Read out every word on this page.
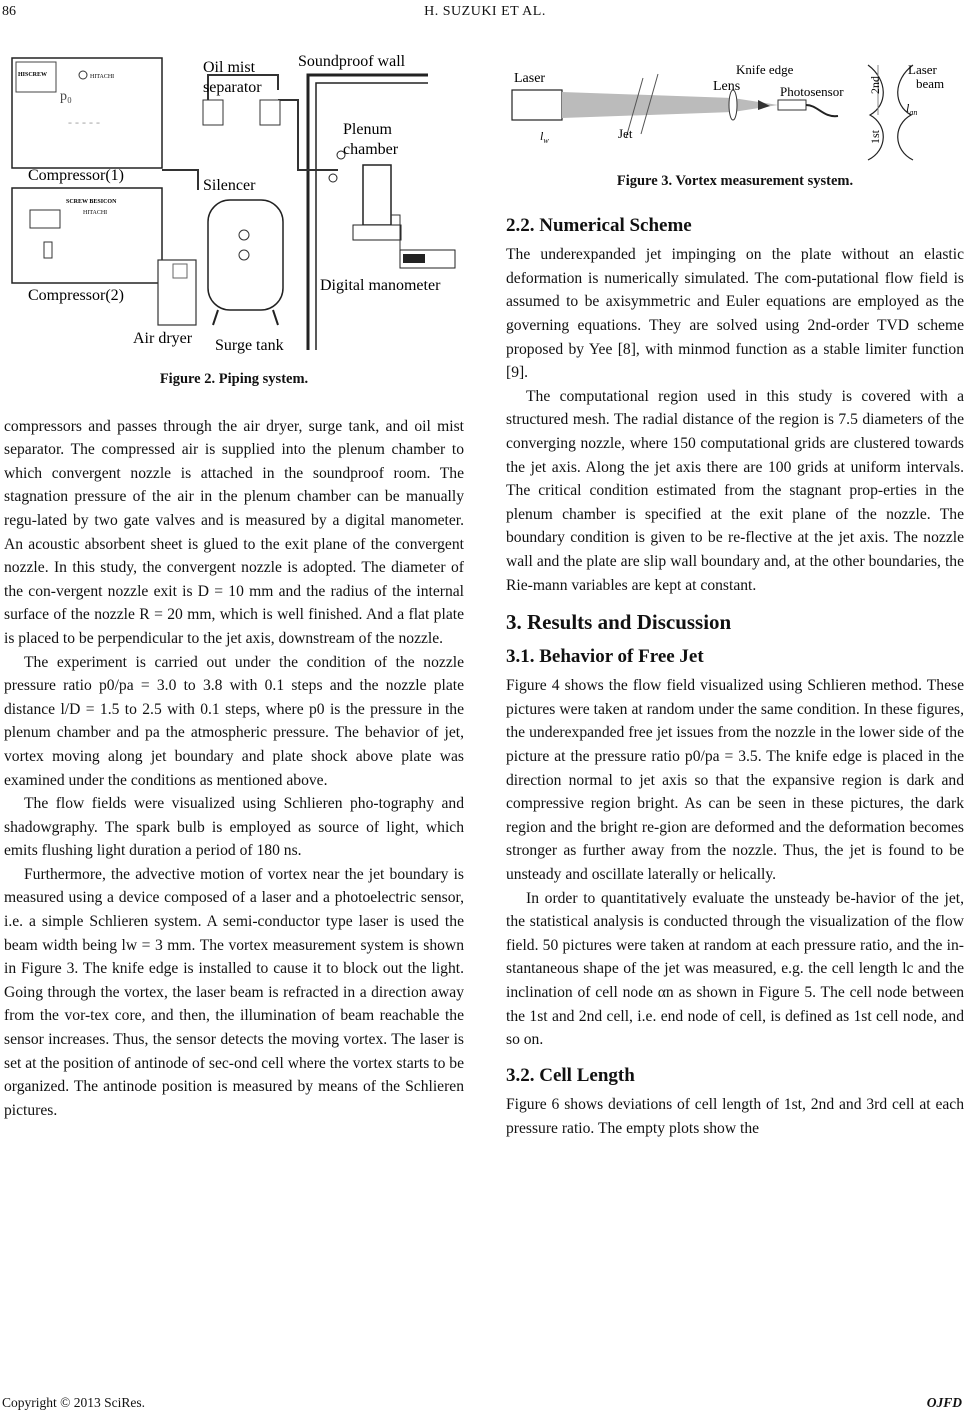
86	H. SUZUKI ET AL.
HISCREW	HITACHI
p₀
- - - - -
SCREW BESICON
HITACHI
Compressor(1)
Compressor(2)
Oil mist
separator
Soundproof wall
Silencer
Surge tank
Air dryer
Plenum
chamber
Digital manometer
Laser
Lens
Knife edge
Photosensor
Jet
$l_w$
2nd
1st
Laser
beam
$l_{an}$

Figure 2. Piping system.

compressors and passes through the air dryer, surge tank, and oil mist separator. The compressed air is supplied into the plenum chamber to which convergent nozzle is attached in the soundproof room. The stagnation pressure of the air in the plenum chamber can be manually regu-lated by two gate valves and is measured by a digital manometer. An acoustic absorbent sheet is glued to the exit plane of the convergent nozzle. In this study, the convergent nozzle is adopted. The diameter of the con-vergent nozzle exit is D = 10 mm and the radius of the internal surface of the nozzle R = 20 mm, which is well finished. And a flat plate is placed to be perpendicular to the jet axis, downstream of the nozzle.

The experiment is carried out under the condition of the nozzle pressure ratio p0/pa = 3.0 to 3.8 with 0.1 steps and the nozzle plate distance l/D = 1.5 to 2.5 with 0.1 steps, where p0 is the pressure in the plenum chamber and pa the atmospheric pressure. The behavior of jet, vortex moving along jet boundary and plate shock above plate was examined under the conditions as mentioned above.

The flow fields were visualized using Schlieren pho-tography and shadowgraphy. The spark bulb is employed as source of light, which emits flushing light duration a period of 180 ns.

Furthermore, the advective motion of vortex near the jet boundary is measured using a device composed of a laser and a photoelectric sensor, i.e. a simple Schlieren system. A semi-conductor type laser is used the beam width being lw = 3 mm. The vortex measurement system is shown in Figure 3. The knife edge is installed to cause it to block out the light. Going through the vortex, the laser beam is refracted in a direction away from the vor-tex core, and then, the illumination of beam reachable the sensor increases. Thus, the sensor detects the moving vortex. The laser is set at the position of antinode of sec-ond cell where the vortex starts to be organized. The antinode position is measured by means of the Schlieren pictures.

Figure 3. Vortex measurement system.

2.2. Numerical Scheme

The underexpanded jet impinging on the plate without an elastic deformation is numerically simulated. The com-putational flow field is assumed to be axisymmetric and Euler equations are employed as the governing equations. They are solved using 2nd-order TVD scheme proposed by Yee [8], with minmod function as a stable limiter function [9].

The computational region used in this study is covered with a structured mesh. The radial distance of the region is 7.5 diameters of the converging nozzle, where 150 computational grids are clustered towards the jet axis. Along the jet axis there are 100 grids at uniform intervals. The critical condition estimated from the stagnant prop-erties in the plenum chamber is specified at the exit plane of the nozzle. The boundary condition is given to be re-flective at the jet axis. The nozzle wall and the plate are slip wall boundary and, at the other boundaries, the Rie-mann variables are kept at constant.

3. Results and Discussion
3.1. Behavior of Free Jet

Figure 4 shows the flow field visualized using Schlieren method. These pictures were taken at random under the same condition. In these figures, the underexpanded free jet issues from the nozzle in the lower side of the picture at the pressure ratio p0/pa = 3.5. The knife edge is placed in the direction normal to jet axis so that the expansive region is dark and compressive region bright. As can be seen in these pictures, the dark region and the bright re-gion are deformed and the deformation becomes stronger as further away from the nozzle. Thus, the jet is found to be unsteady and oscillate laterally or helically.

In order to quantitatively evaluate the unsteady be-havior of the jet, the statistical analysis is conducted through the visualization of the flow field. 50 pictures were taken at random at each pressure ratio, and the in-stantaneous shape of the jet was measured, e.g. the cell length lc and the inclination of cell node αn as shown in Figure 5. The cell node between the 1st and 2nd cell, i.e. end node of cell, is defined as 1st cell node, and so on.

3.2. Cell Length

Figure 6 shows deviations of cell length of 1st, 2nd and 3rd cell at each pressure ratio. The empty plots show the

Copyright © 2013 SciRes.	OJFD
